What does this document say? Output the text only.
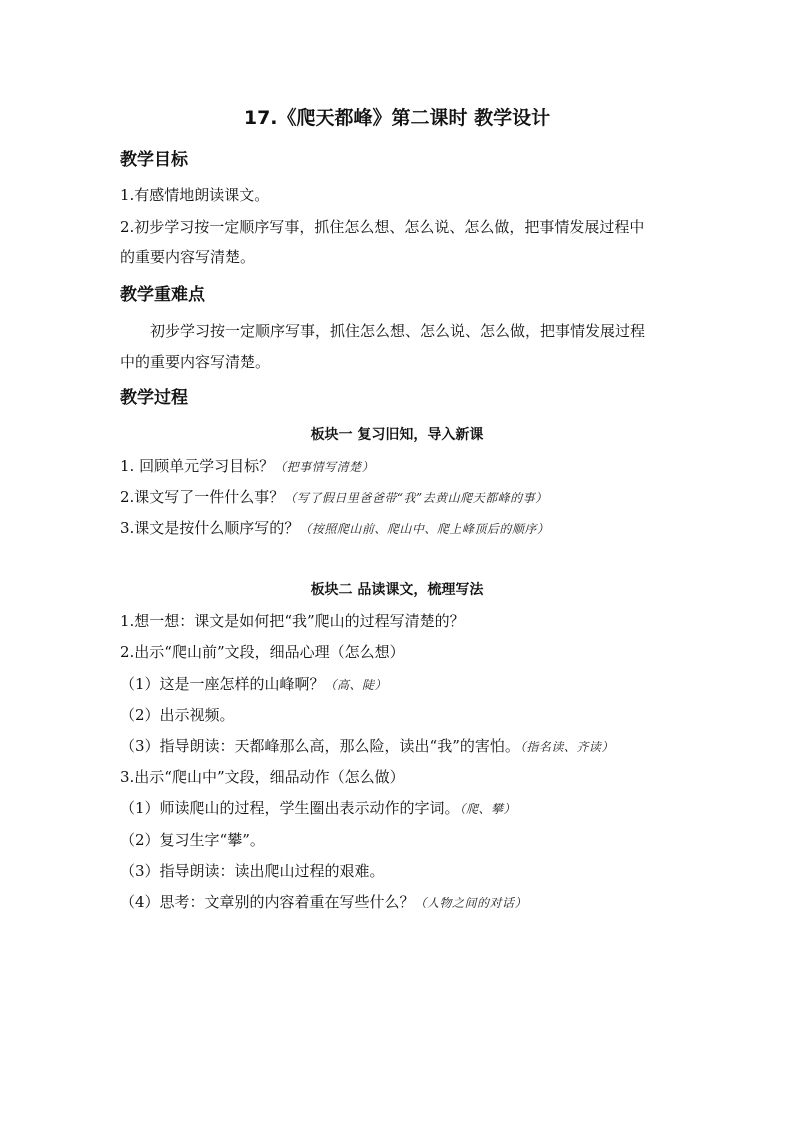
17.《爬天都峰》第二课时 教学设计
教学目标
1.有感情地朗读课文。
2.初步学习按一定顺序写事，抓住怎么想、怎么说、怎么做，把事情发展过程中
的重要内容写清楚。
教学重难点
初步学习按一定顺序写事，抓住怎么想、怎么说、怎么做，把事情发展过程
中的重要内容写清楚。
教学过程
板块一 复习旧知，导入新课
1. 回顾单元学习目标？（把事情写清楚）
2.课文写了一件什么事？（写了假日里爸爸带“我”去黄山爬天都峰的事）
3.课文是按什么顺序写的？（按照爬山前、爬山中、爬上峰顶后的顺序）
板块二 品读课文，梳理写法
1.想一想：课文是如何把“我”爬山的过程写清楚的？
2.出示“爬山前”文段，细品心理（怎么想）
（1）这是一座怎样的山峰啊？（高、陡）
（2）出示视频。
（3）指导朗读：天都峰那么高，那么险，读出“我”的害怕。（指名读、齐读）
3.出示“爬山中”文段，细品动作（怎么做）
（1）师读爬山的过程，学生圈出表示动作的字词。（爬、攀）
（2）复习生字“攀”。
（3）指导朗读：读出爬山过程的艰难。
（4）思考：文章别的内容着重在写些什么？（人物之间的对话）
